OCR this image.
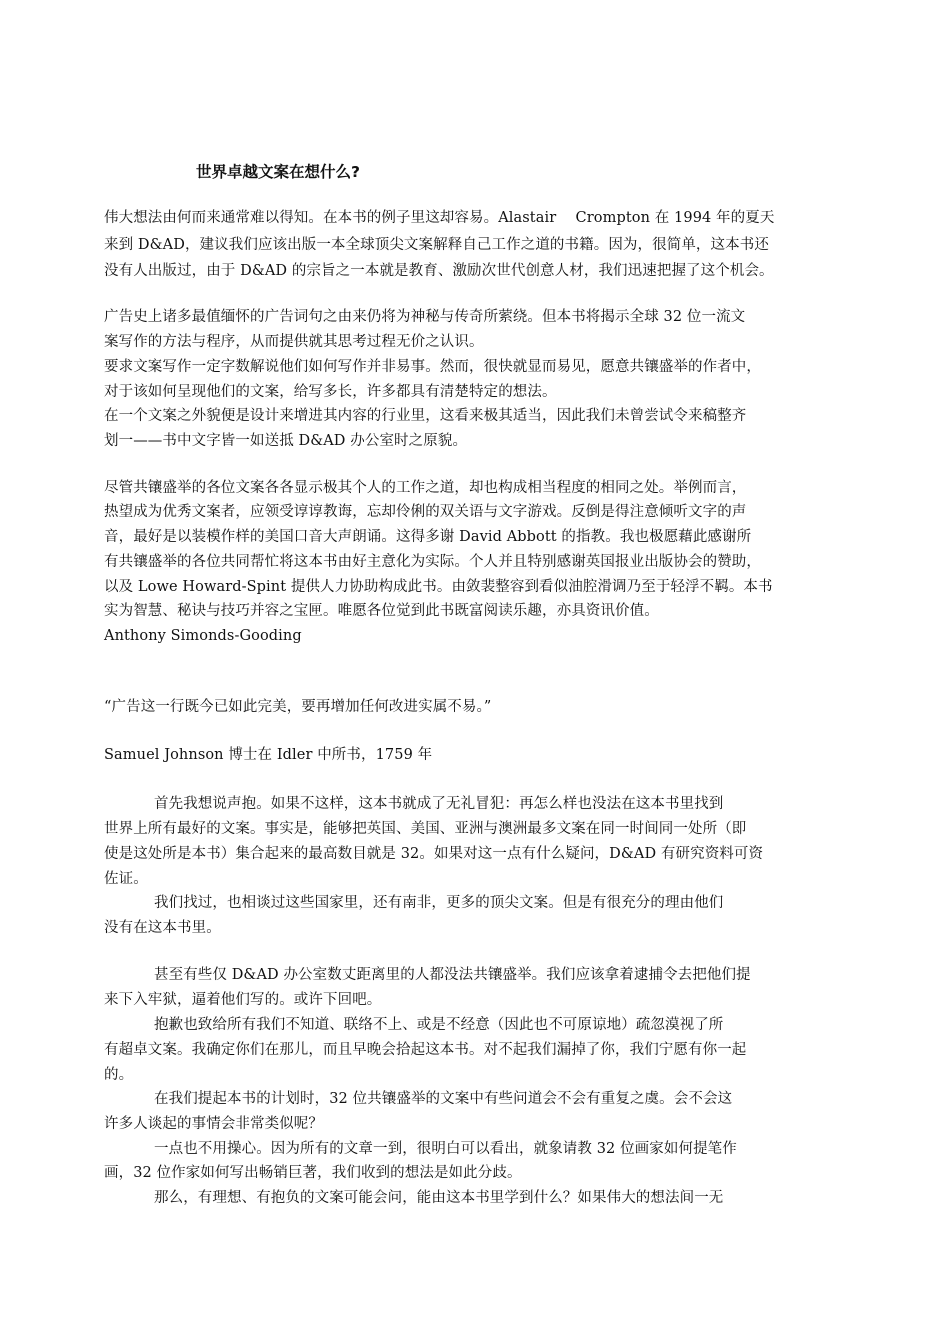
世界卓越文案在想什么?
伟大想法由何而来通常难以得知。在本书的例子里这却容易。Alastair　 Crompton 在 1994 年的夏天
来到 D&AD，建议我们应该出版一本全球顶尖文案解释自己工作之道的书籍。因为，很简单，这本书还
没有人出版过，由于 D&AD 的宗旨之一本就是教育、激励次世代创意人材，我们迅速把握了这个机会。
广告史上诸多最值缅怀的广告词句之由来仍将为神秘与传奇所萦绕。但本书将揭示全球 32 位一流文
案写作的方法与程序，从而提供就其思考过程无价之认识。
要求文案写作一定字数解说他们如何写作并非易事。然而，很快就显而易见，愿意共镶盛举的作者中，
对于该如何呈现他们的文案，给写多长，许多都具有清楚特定的想法。
在一个文案之外貌便是设计来增进其内容的行业里，这看来极其适当，因此我们未曾尝试令来稿整齐
划一——书中文字皆一如送抵 D&AD 办公室时之原貌。
尽管共镶盛举的各位文案各各显示极其个人的工作之道，却也构成相当程度的相同之处。举例而言，
热望成为优秀文案者，应领受谆谆教诲，忘却伶俐的双关语与文字游戏。反倒是得注意倾听文字的声
音，最好是以装模作样的美国口音大声朗诵。这得多谢 David Abbott 的指教。我也极愿藉此感谢所
有共镶盛举的各位共同帮忙将这本书由好主意化为实际。个人并且特别感谢英国报业出版协会的赞助，
以及 Lowe Howard-Spint 提供人力协助构成此书。由敛裴整容到看似油腔滑调乃至于轻浮不羁。本书
实为智慧、秘诀与技巧并容之宝匣。唯愿各位觉到此书既富阅读乐趣，亦具资讯价值。
Anthony Simonds-Gooding
“广告这一行既今已如此完美，要再增加任何改进实属不易。”
Samuel Johnson 博士在 Idler 中所书，1759 年
首先我想说声抱。如果不这样，这本书就成了无礼冒犯：再怎么样也没法在这本书里找到
世界上所有最好的文案。事实是，能够把英国、美国、亚洲与澳洲最多文案在同一时间同一处所（即
使是这处所是本书）集合起来的最高数目就是 32。如果对这一点有什么疑问，D&AD 有研究资料可资
佐证。
我们找过，也相谈过这些国家里，还有南非，更多的顶尖文案。但是有很充分的理由他们
没有在这本书里。
甚至有些仅 D&AD 办公室数丈距离里的人都没法共镶盛举。我们应该拿着逮捕令去把他们提
来下入牢狱，逼着他们写的。或许下回吧。
抱歉也致给所有我们不知道、联络不上、或是不经意（因此也不可原谅地）疏忽漠视了所
有超卓文案。我确定你们在那儿，而且早晚会拾起这本书。对不起我们漏掉了你，我们宁愿有你一起
的。
在我们提起本书的计划时，32 位共镶盛举的文案中有些问道会不会有重复之虞。会不会这
许多人谈起的事情会非常类似呢？
一点也不用操心。因为所有的文章一到，很明白可以看出，就象请教 32 位画家如何提笔作
画，32 位作家如何写出畅销巨著，我们收到的想法是如此分歧。
那么，有理想、有抱负的文案可能会问，能由这本书里学到什么？如果伟大的想法间一无
